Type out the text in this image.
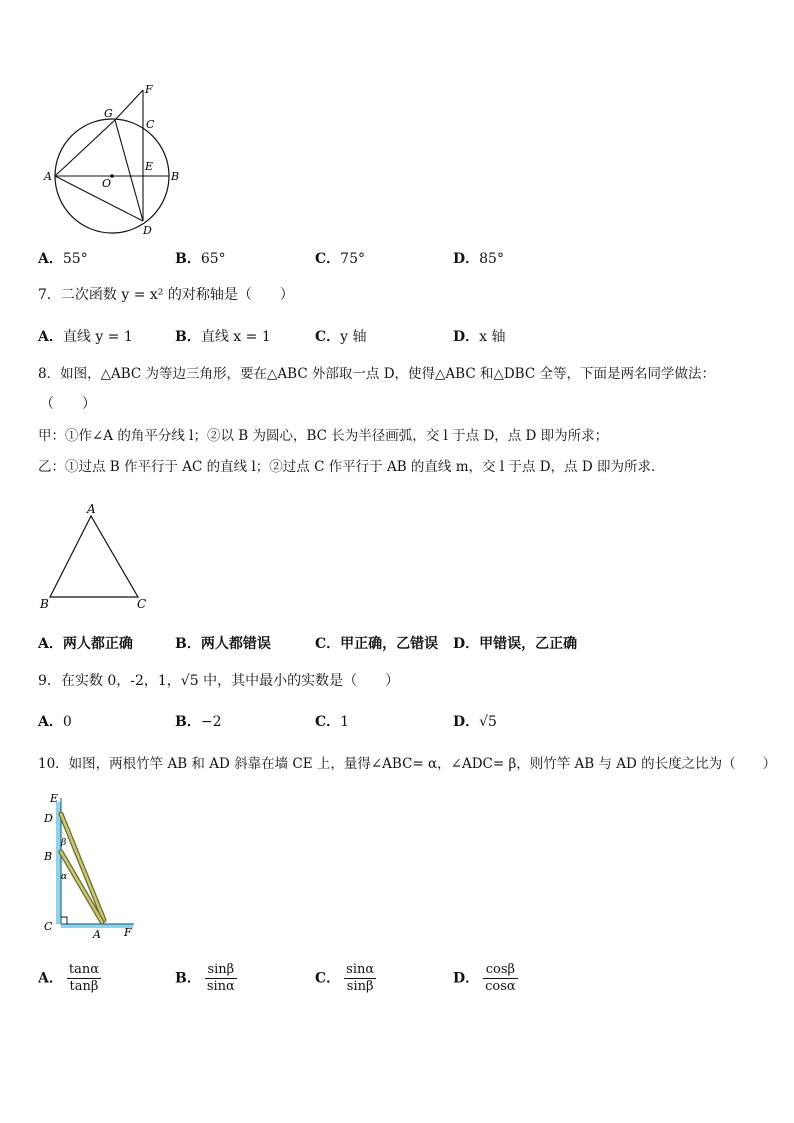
F
G
C
E
A
O
B
D
A．55°	B．65°	C．75°	D．85°
7．二次函数 y = x² 的对称轴是（　　）
A．直线 y = 1	B．直线 x = 1	C．y 轴	D．x 轴
8．如图，△ABC 为等边三角形，要在△ABC 外部取一点 D，使得△ABC 和△DBC 全等，下面是两名同学做法：
（　　）
甲：①作∠A 的角平分线 l；②以 B 为圆心，BC 长为半径画弧，交 l 于点 D，点 D 即为所求；
乙：①过点 B 作平行于 AC 的直线 l；②过点 C 作平行于 AB 的直线 m，交 l 于点 D，点 D 即为所求.
A
B	C
A．两人都正确	B．两人都错误	C．甲正确，乙错误 D．甲错误，乙正确
9．在实数 0，-2，1，√5 中，其中最小的实数是（　　）
A．0	B．−2	C．1	D．√5
10．如图，两根竹竿 AB 和 AD 斜靠在墙 CE 上，量得∠ABC= α，∠ADC= β，则竹竿 AB 与 AD 的长度之比为（　　）
E
D
B
β
α
C
A F
A． $\frac{\tan\alpha}{\tan\beta}$	B． $\frac{\sin\beta}{\sin\alpha}$	C． $\frac{\sin\alpha}{\sin\beta}$	D． $\frac{\cos\beta}{\cos\alpha}$
